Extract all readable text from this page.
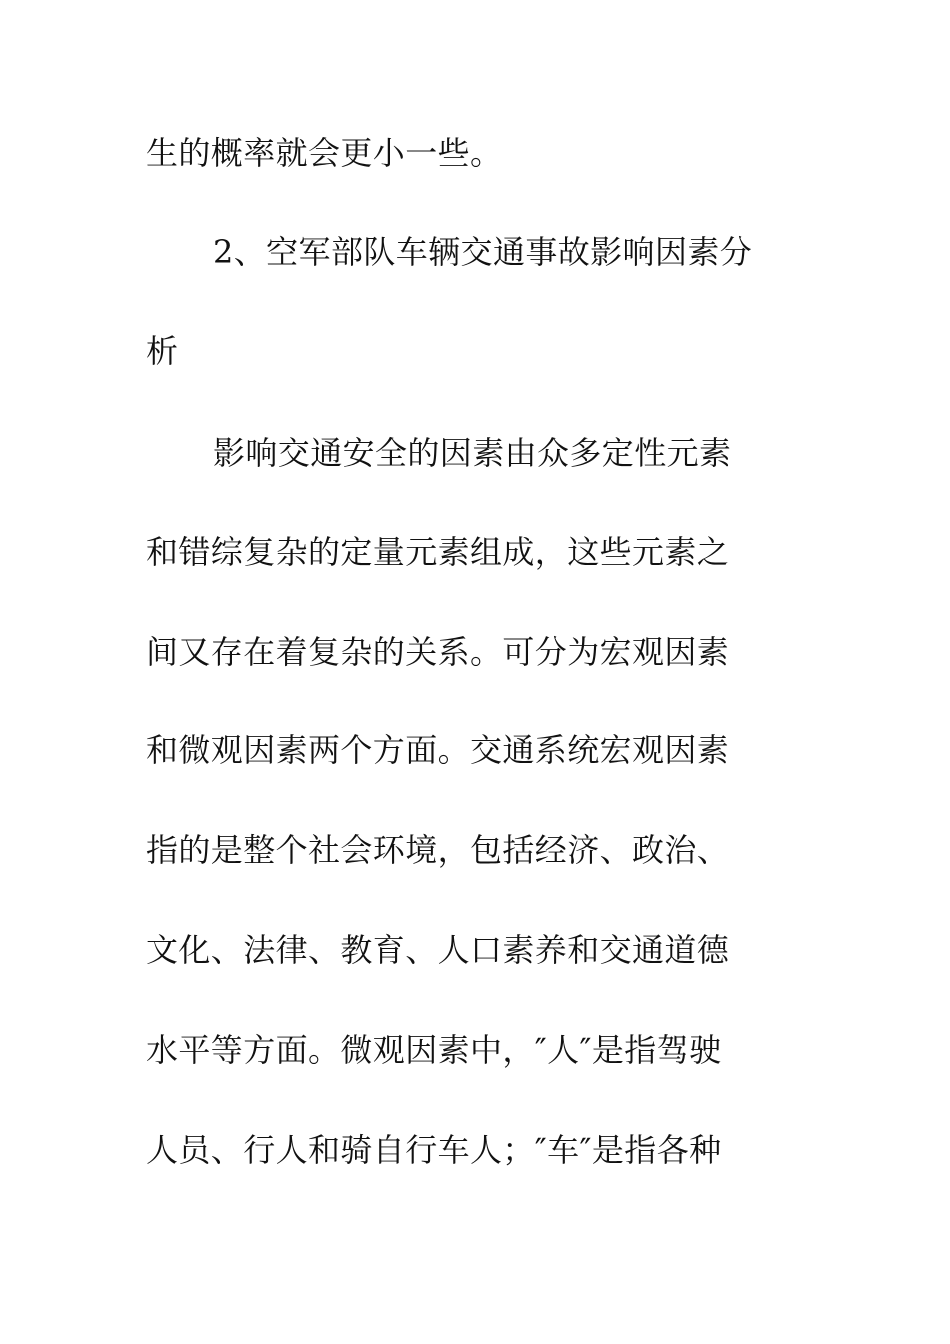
生的概率就会更小一些。
2、空军部队车辆交通事故影响因素分
析
影响交通安全的因素由众多定性元素
和错综复杂的定量元素组成，这些元素之
间又存在着复杂的关系。可分为宏观因素
和微观因素两个方面。交通系统宏观因素
指的是整个社会环境，包括经济、政治、
文化、法律、教育、人口素养和交通道德
水平等方面。微观因素中，″人″是指驾驶
人员、行人和骑自行车人；″车″是指各种
